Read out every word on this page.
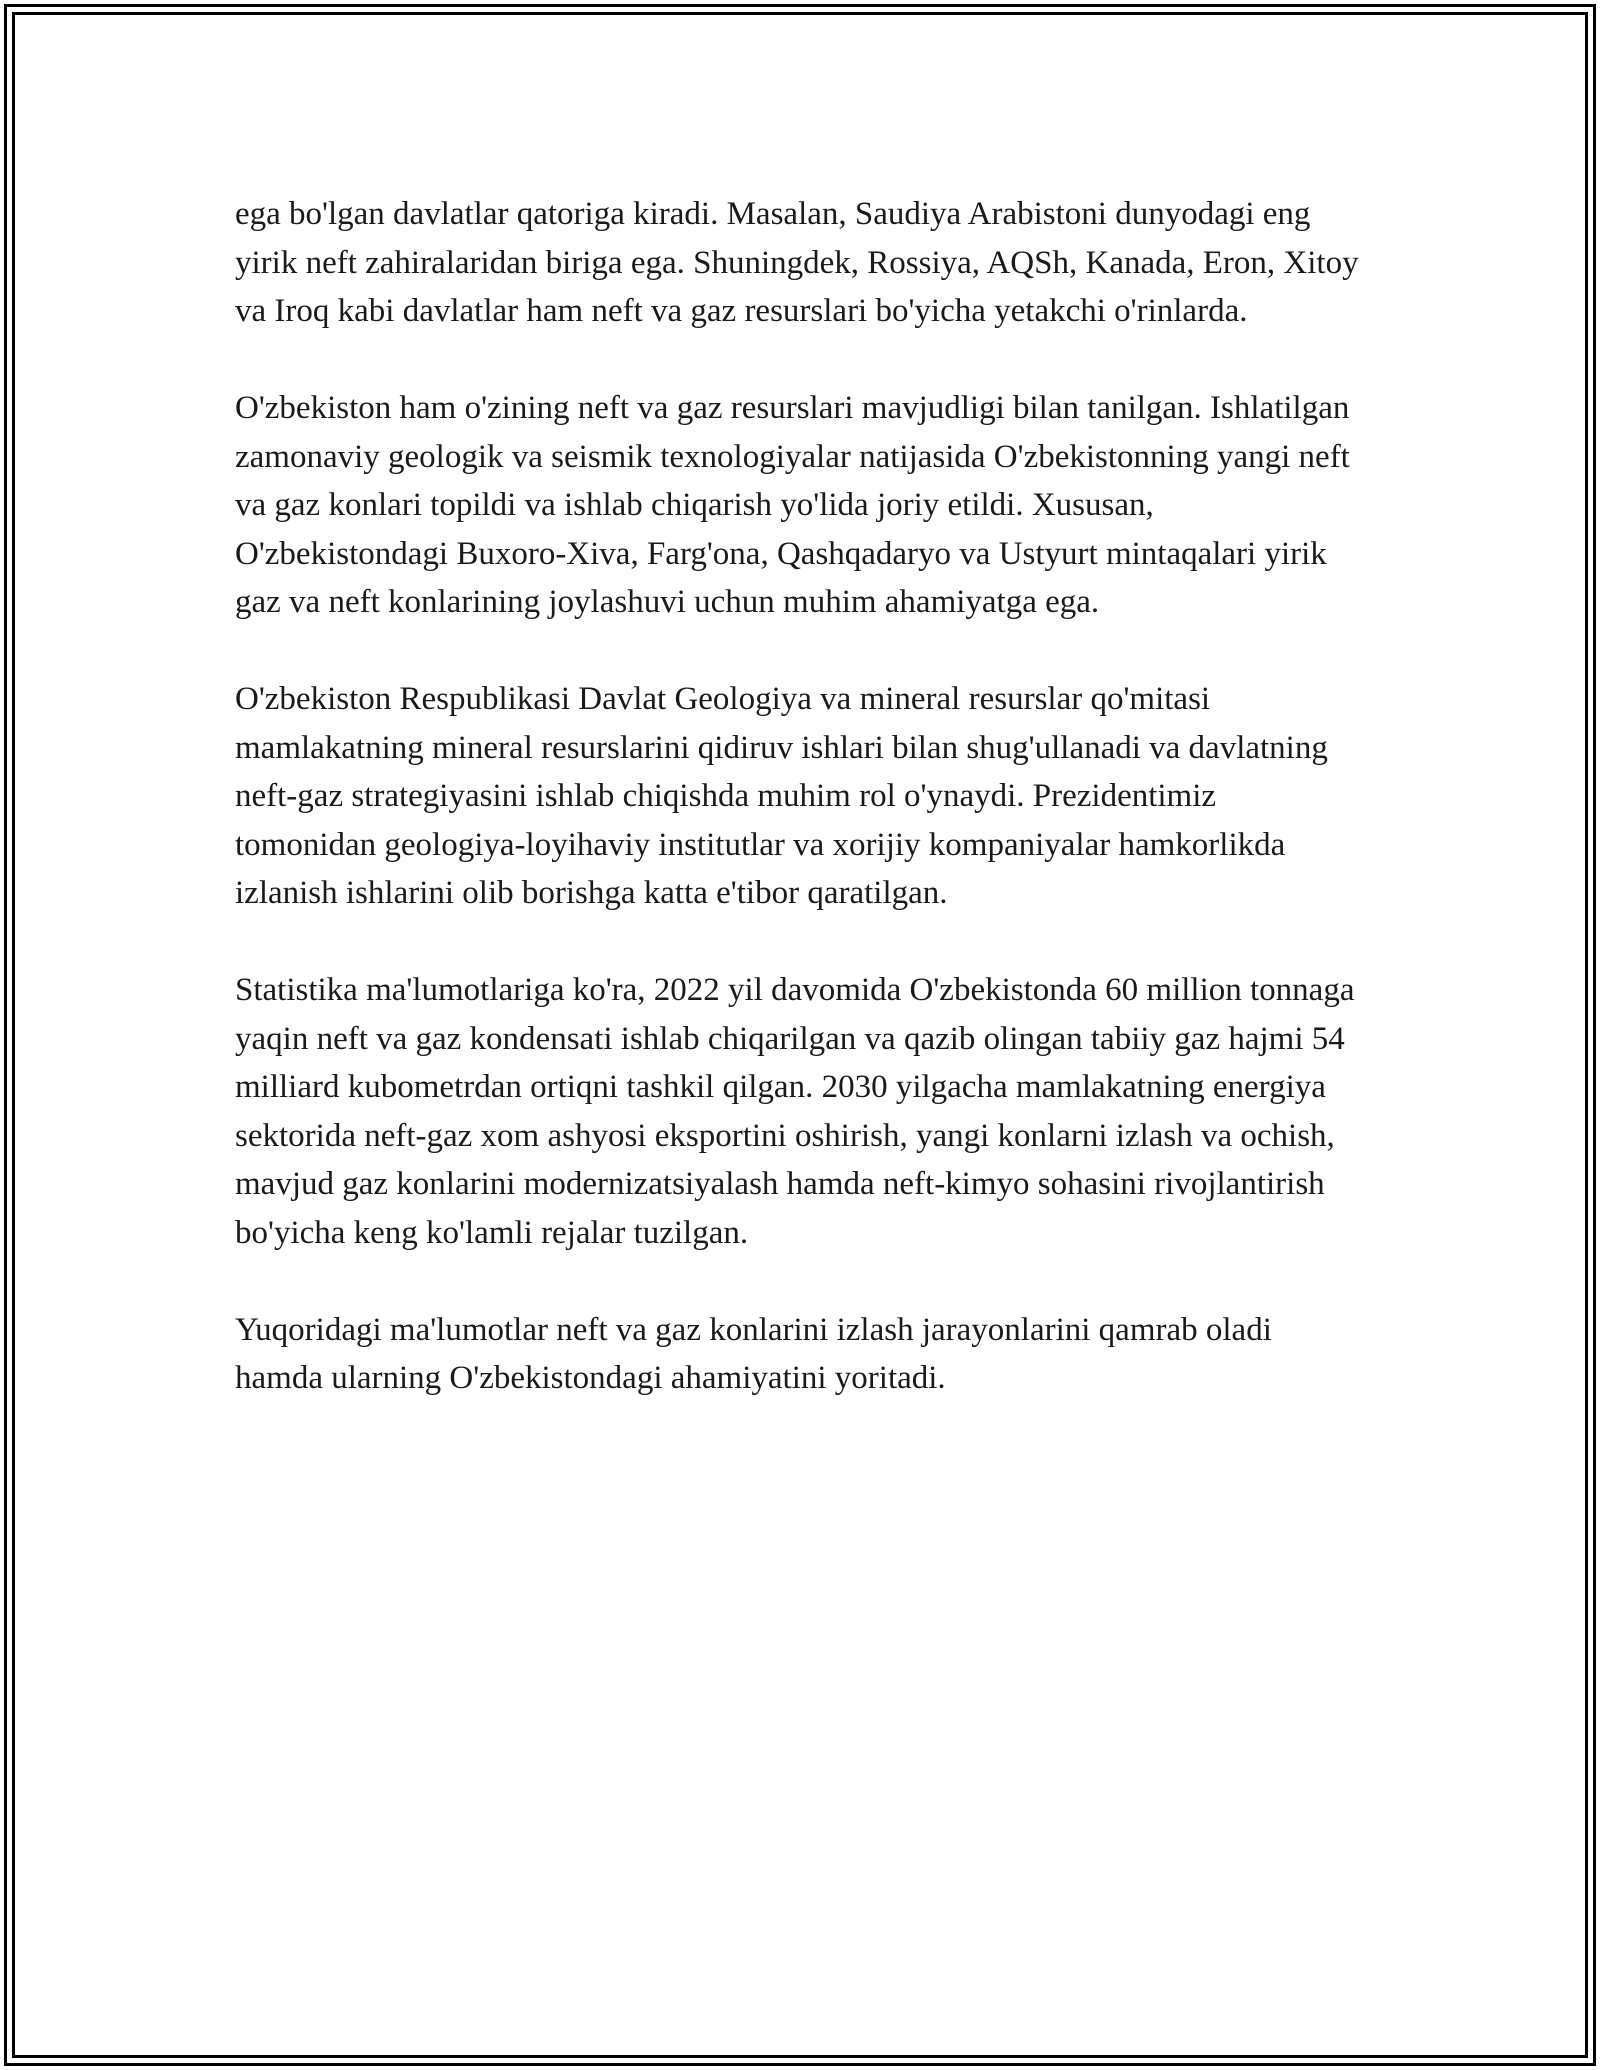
ega bo'lgan davlatlar qatoriga kiradi. Masalan, Saudiya Arabistoni dunyodagi eng yirik neft zahiralaridan biriga ega. Shuningdek, Rossiya, AQSh, Kanada, Eron, Xitoy va Iroq kabi davlatlar ham neft va gaz resurslari bo'yicha yetakchi o'rinlarda.

O'zbekiston ham o'zining neft va gaz resurslari mavjudligi bilan tanilgan. Ishlatilgan zamonaviy geologik va seismik texnologiyalar natijasida O'zbekistonning yangi neft va gaz konlari topildi va ishlab chiqarish yo'lida joriy etildi. Xususan, O'zbekistondagi Buxoro-Xiva, Farg'ona, Qashqadaryo va Ustyurt mintaqalari yirik gaz va neft konlarining joylashuvi uchun muhim ahamiyatga ega.

O'zbekiston Respublikasi Davlat Geologiya va mineral resurslar qo'mitasi mamlakatning mineral resurslarini qidiruv ishlari bilan shug'ullanadi va davlatning neft-gaz strategiyasini ishlab chiqishda muhim rol o'ynaydi. Prezidentimiz tomonidan geologiya-loyihaviy institutlar va xorijiy kompaniyalar hamkorlikda izlanish ishlarini olib borishga katta e'tibor qaratilgan.

Statistika ma'lumotlariga ko'ra, 2022 yil davomida O'zbekistonda 60 million tonnaga yaqin neft va gaz kondensati ishlab chiqarilgan va qazib olingan tabiiy gaz hajmi 54 milliard kubometrdan ortiqni tashkil qilgan. 2030 yilgacha mamlakatning energiya sektorida neft-gaz xom ashyosi eksportini oshirish, yangi konlarni izlash va ochish, mavjud gaz konlarini modernizatsiyalash hamda neft-kimyo sohasini rivojlantirish bo'yicha keng ko'lamli rejalar tuzilgan.

Yuqoridagi ma'lumotlar neft va gaz konlarini izlash jarayonlarini qamrab oladi hamda ularning O'zbekistondagi ahamiyatini yoritadi.
